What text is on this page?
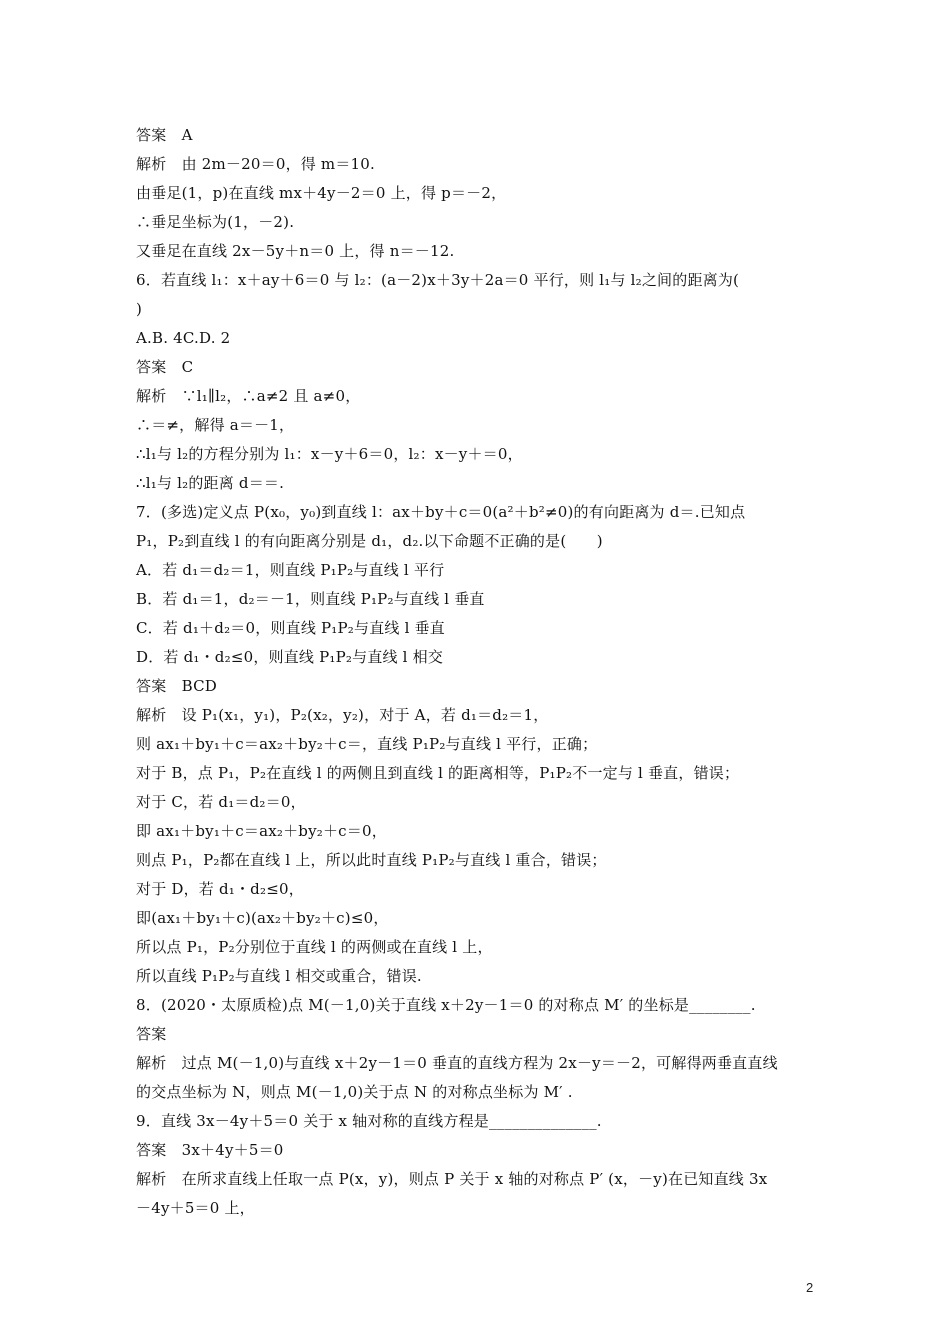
答案　A
解析　由 2m－20＝0，得 m＝10.
由垂足(1，p)在直线 mx＋4y－2＝0 上，得 p＝－2，
∴垂足坐标为(1，－2).
又垂足在直线 2x－5y＋n＝0 上，得 n＝－12.
6．若直线 l₁：x＋ay＋6＝0 与 l₂：(a－2)x＋3y＋2a＝0 平行，则 l₁与 l₂之间的距离为(
)
A.B. 4C.D. 2
答案　C
解析　∵l₁∥l₂，∴a≠2 且 a≠0，
∴＝≠，解得 a＝－1，
∴l₁与 l₂的方程分别为 l₁：x－y＋6＝0，l₂：x－y＋＝0，
∴l₁与 l₂的距离 d＝＝.
7．(多选)定义点 P(x₀，y₀)到直线 l：ax＋by＋c＝0(a²＋b²≠0)的有向距离为 d＝.已知点
P₁，P₂到直线 l 的有向距离分别是 d₁，d₂.以下命题不正确的是(　　)
A．若 d₁＝d₂＝1，则直线 P₁P₂与直线 l 平行
B．若 d₁＝1，d₂＝－1，则直线 P₁P₂与直线 l 垂直
C．若 d₁＋d₂＝0，则直线 P₁P₂与直线 l 垂直
D．若 d₁・d₂≤0，则直线 P₁P₂与直线 l 相交
答案　BCD
解析　设 P₁(x₁，y₁)，P₂(x₂，y₂)，对于 A，若 d₁＝d₂＝1，
则 ax₁＋by₁＋c＝ax₂＋by₂＋c＝，直线 P₁P₂与直线 l 平行，正确；
对于 B，点 P₁，P₂在直线 l 的两侧且到直线 l 的距离相等，P₁P₂不一定与 l 垂直，错误；
对于 C，若 d₁＝d₂＝0，
即 ax₁＋by₁＋c＝ax₂＋by₂＋c＝0，
则点 P₁，P₂都在直线 l 上，所以此时直线 P₁P₂与直线 l 重合，错误；
对于 D，若 d₁・d₂≤0，
即(ax₁＋by₁＋c)(ax₂＋by₂＋c)≤0，
所以点 P₁，P₂分别位于直线 l 的两侧或在直线 l 上，
所以直线 P₁P₂与直线 l 相交或重合，错误.
8．(2020・太原质检)点 M(－1,0)关于直线 x＋2y－1＝0 的对称点 M′ 的坐标是________.
答案
解析　过点 M(－1,0)与直线 x＋2y－1＝0 垂直的直线方程为 2x－y＝－2，可解得两垂直直线
的交点坐标为 N，则点 M(－1,0)关于点 N 的对称点坐标为 M′ .
9．直线 3x－4y＋5＝0 关于 x 轴对称的直线方程是______________.
答案　3x＋4y＋5＝0
解析　在所求直线上任取一点 P(x，y)，则点 P 关于 x 轴的对称点 P′ (x，－y)在已知直线 3x
－4y＋5＝0 上，
2
